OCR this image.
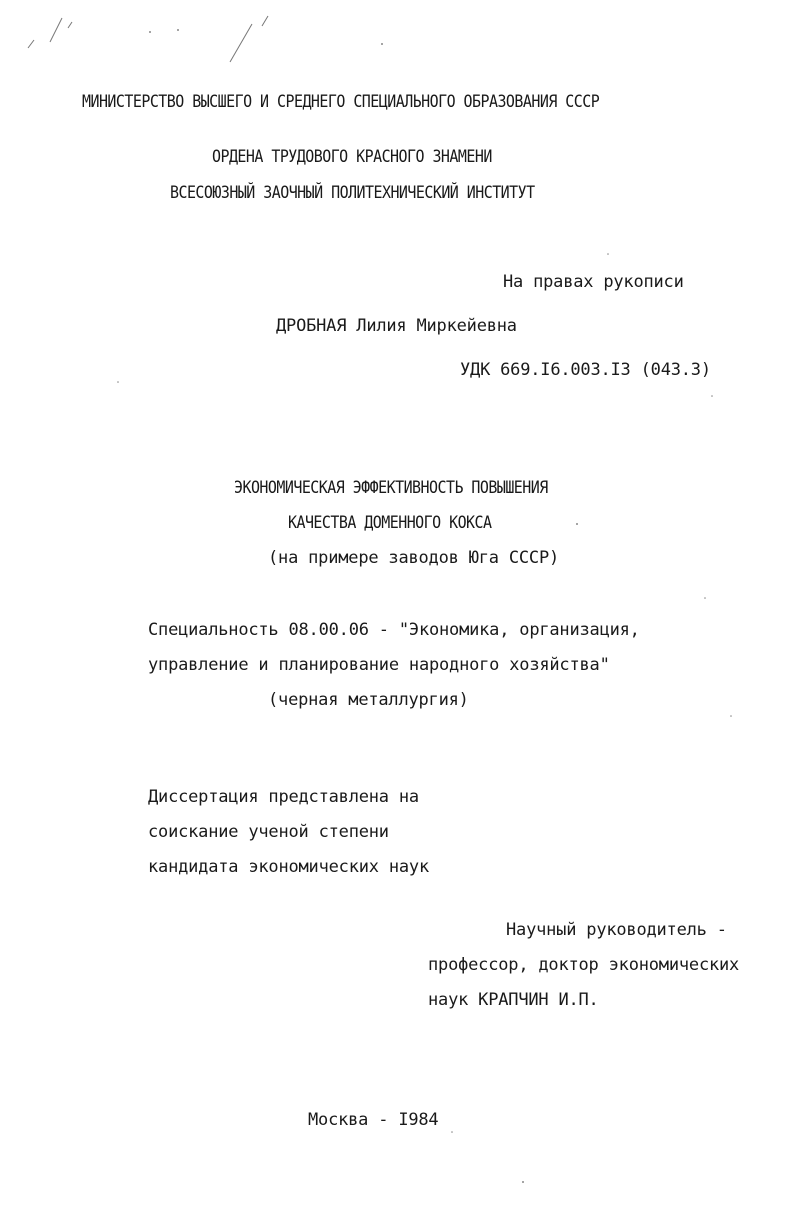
МИНИСТЕРСТВО ВЫСШЕГО И СРЕДНЕГО СПЕЦИАЛЬНОГО ОБРАЗОВАНИЯ СССР
ОРДЕНА ТРУДОВОГО КРАСНОГО ЗНАМЕНИ
ВСЕСОЮЗНЫЙ ЗАОЧНЫЙ ПОЛИТЕХНИЧЕСКИЙ ИНСТИТУТ
На правах рукописи
ДРОБНАЯ Лилия Миркейевна
УДК 669.I6.003.I3 (043.3)
ЭКОНОМИЧЕСКАЯ ЭФФЕКТИВНОСТЬ ПОВЫШЕНИЯ
КАЧЕСТВА ДОМЕННОГО КОКСА
(на примере заводов Юга СССР)
Специальность 08.00.06 - "Экономика, организация,
управление и планирование народного хозяйства"
(черная металлургия)
Диссертация представлена на
соискание ученой степени
кандидата экономических наук
Научный руководитель -
профессор, доктор экономических
наук КРАПЧИН И.П.
Москва - I984
